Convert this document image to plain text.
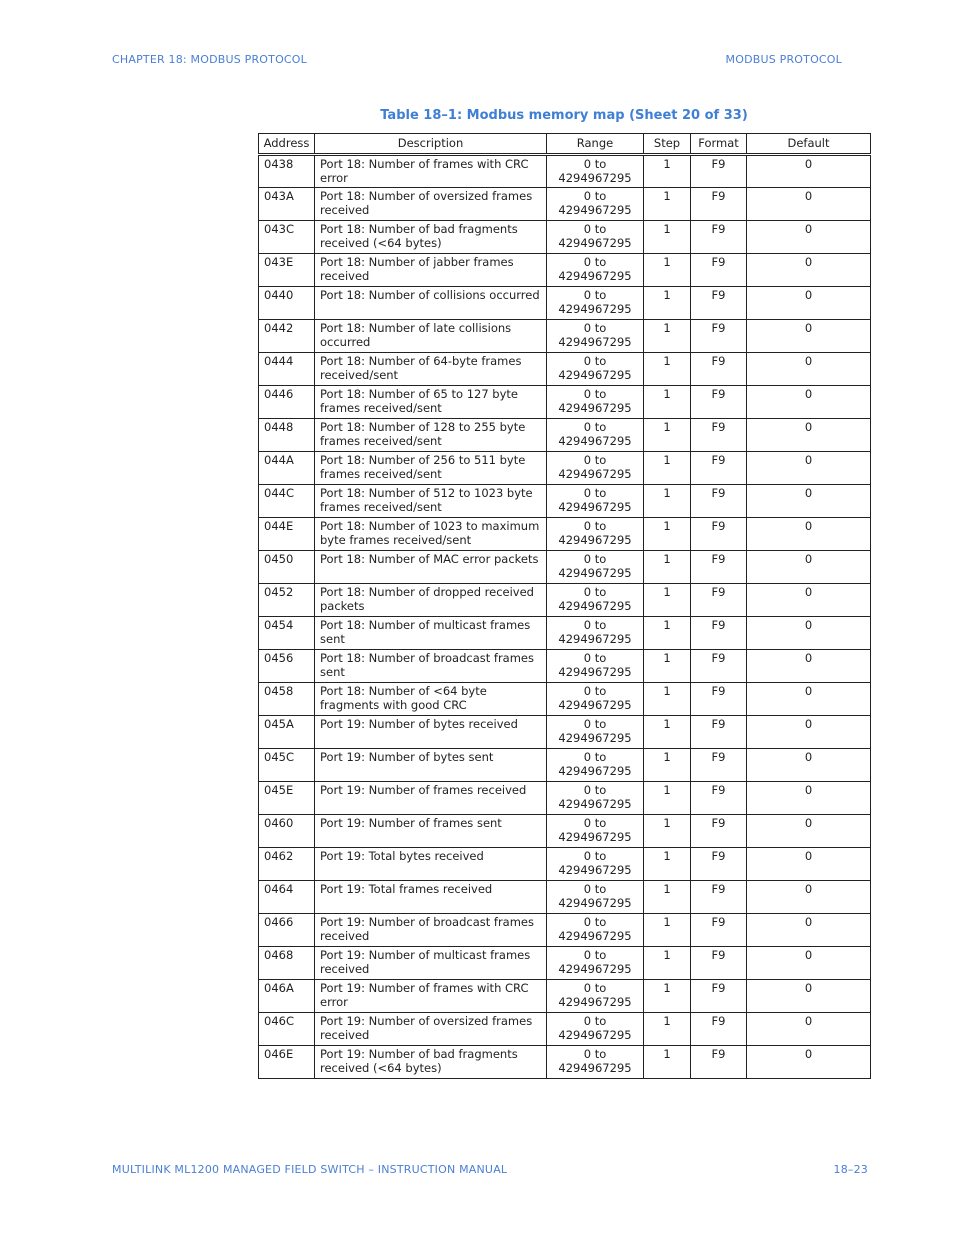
CHAPTER 18: MODBUS PROTOCOL	MODBUS PROTOCOL
Table 18–1: Modbus memory map (Sheet 20 of 33)
Address	Description	Range	Step	Format	Default
0438	Port 18: Number of frames with CRC error	0 to 4294967295	1	F9	0
043A	Port 18: Number of oversized frames received	0 to 4294967295	1	F9	0
043C	Port 18: Number of bad fragments received (<64 bytes)	0 to 4294967295	1	F9	0
043E	Port 18: Number of jabber frames received	0 to 4294967295	1	F9	0
0440	Port 18: Number of collisions occurred	0 to 4294967295	1	F9	0
0442	Port 18: Number of late collisions occurred	0 to 4294967295	1	F9	0
0444	Port 18: Number of 64-byte frames received/sent	0 to 4294967295	1	F9	0
0446	Port 18: Number of 65 to 127 byte frames received/sent	0 to 4294967295	1	F9	0
0448	Port 18: Number of 128 to 255 byte frames received/sent	0 to 4294967295	1	F9	0
044A	Port 18: Number of 256 to 511 byte frames received/sent	0 to 4294967295	1	F9	0
044C	Port 18: Number of 512 to 1023 byte frames received/sent	0 to 4294967295	1	F9	0
044E	Port 18: Number of 1023 to maximum byte frames received/sent	0 to 4294967295	1	F9	0
0450	Port 18: Number of MAC error packets	0 to 4294967295	1	F9	0
0452	Port 18: Number of dropped received packets	0 to 4294967295	1	F9	0
0454	Port 18: Number of multicast frames sent	0 to 4294967295	1	F9	0
0456	Port 18: Number of broadcast frames sent	0 to 4294967295	1	F9	0
0458	Port 18: Number of <64 byte fragments with good CRC	0 to 4294967295	1	F9	0
045A	Port 19: Number of bytes received	0 to 4294967295	1	F9	0
045C	Port 19: Number of bytes sent	0 to 4294967295	1	F9	0
045E	Port 19: Number of frames received	0 to 4294967295	1	F9	0
0460	Port 19: Number of frames sent	0 to 4294967295	1	F9	0
0462	Port 19: Total bytes received	0 to 4294967295	1	F9	0
0464	Port 19: Total frames received	0 to 4294967295	1	F9	0
0466	Port 19: Number of broadcast frames received	0 to 4294967295	1	F9	0
0468	Port 19: Number of multicast frames received	0 to 4294967295	1	F9	0
046A	Port 19: Number of frames with CRC error	0 to 4294967295	1	F9	0
046C	Port 19: Number of oversized frames received	0 to 4294967295	1	F9	0
046E	Port 19: Number of bad fragments received (<64 bytes)	0 to 4294967295	1	F9	0
MULTILINK ML1200 MANAGED FIELD SWITCH – INSTRUCTION MANUAL	18–23
